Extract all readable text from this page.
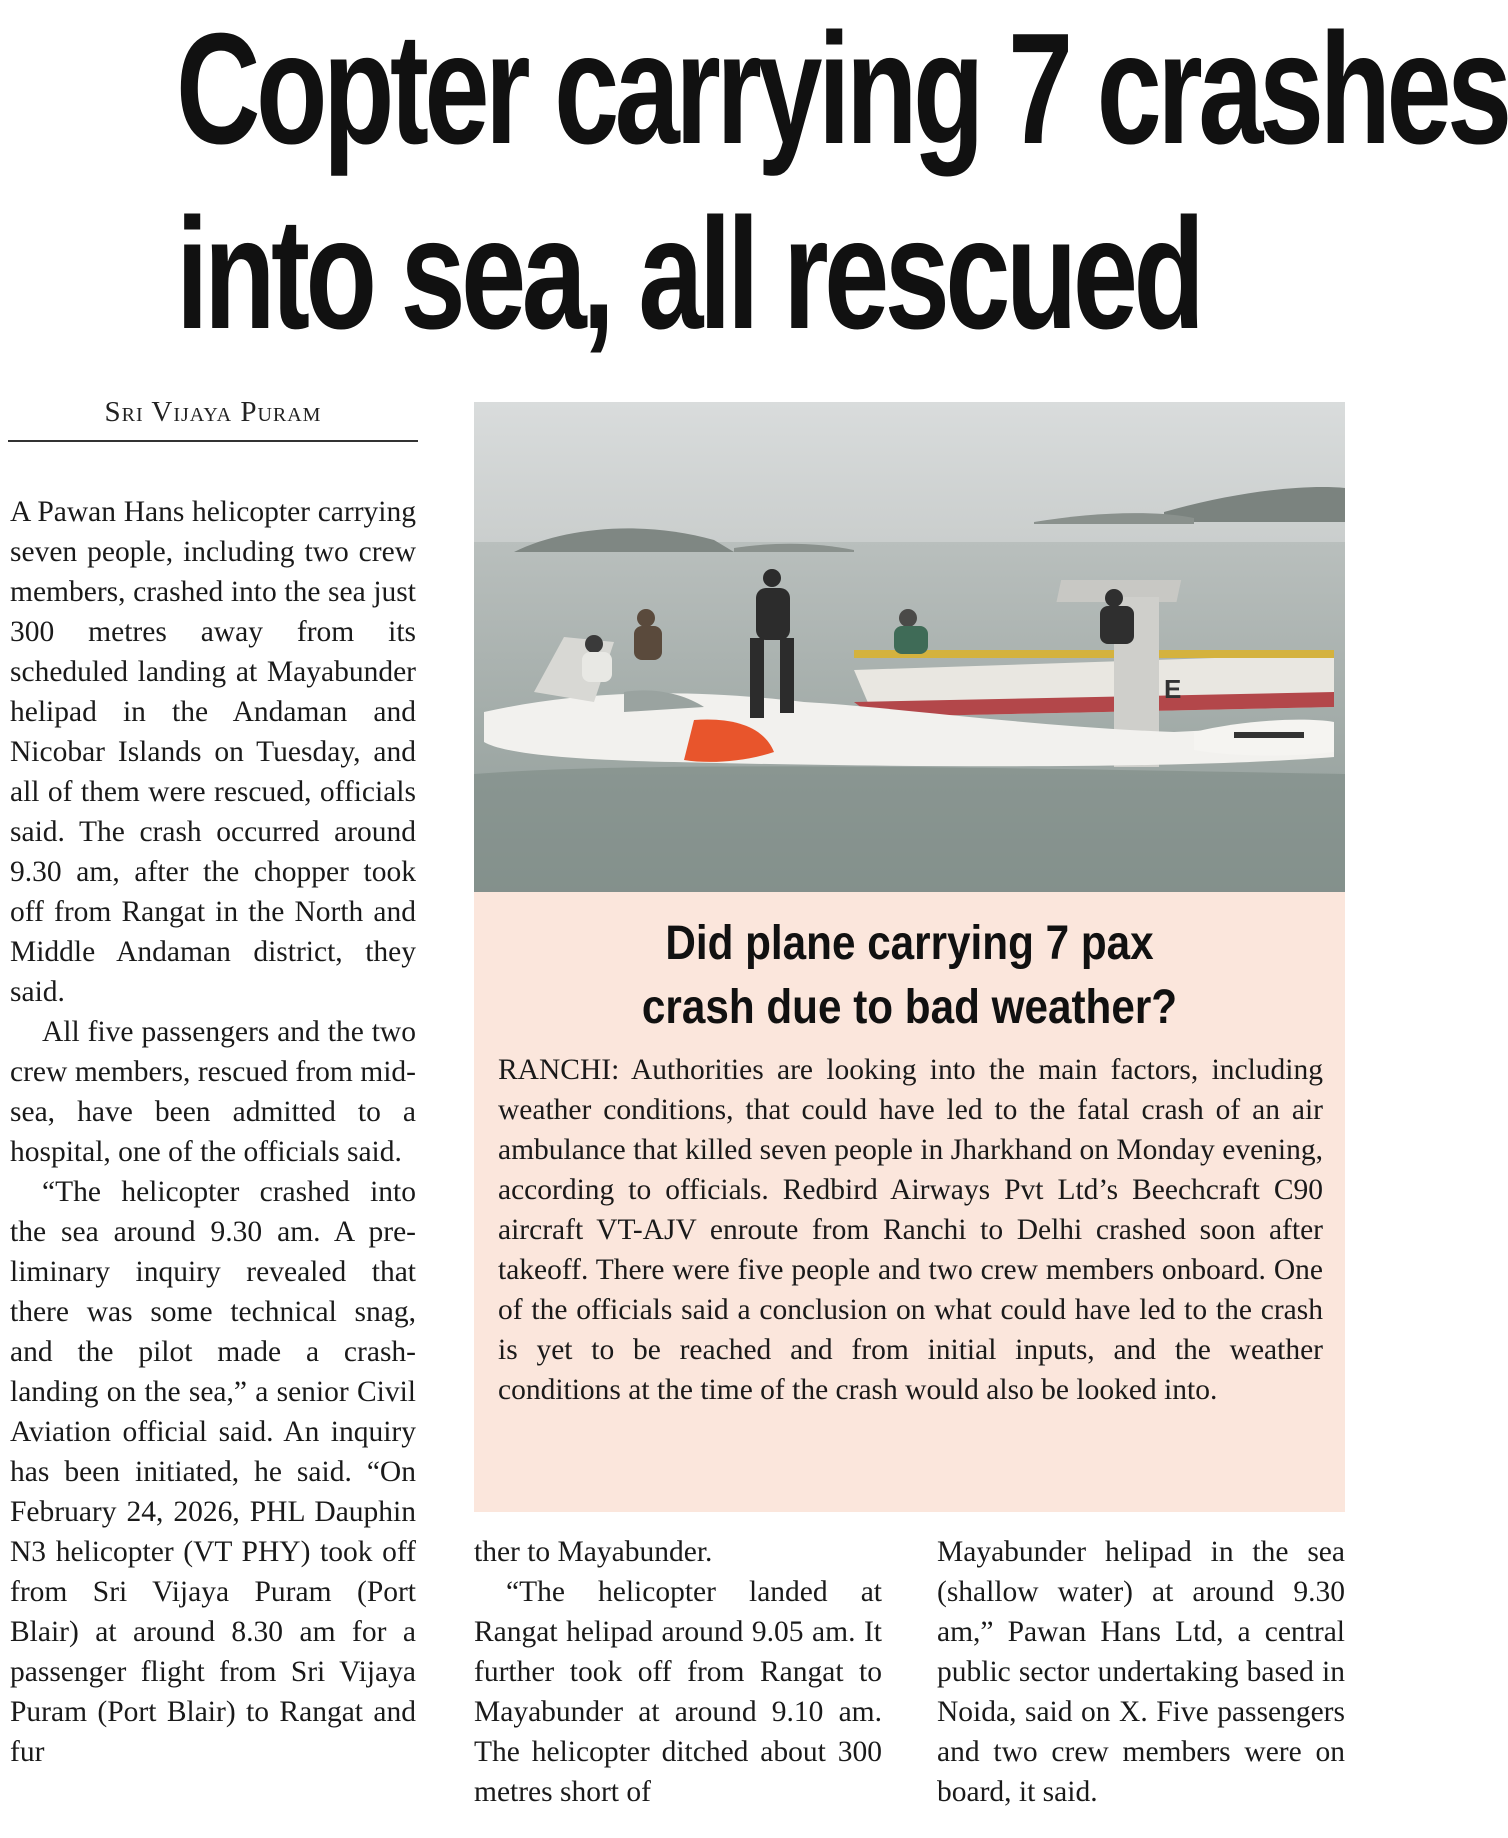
Copter carrying 7 crashes
into sea, all rescued
Sri Vijaya Puram

A Pawan Hans helicopter carrying seven people, including two crew members, crashed into the sea just 300 metres away from its scheduled landing at Mayabunder helipad in the Andaman and Nicobar Islands on Tuesday, and all of them were rescued, officials said. The crash occurred around 9.30 am, after the chopper took off from Rangat in the North and Middle Andaman district, they said.

All five passengers and the two crew members, rescued from mid-sea, have been admitted to a hospital, one of the officials said.

“The helicopter crashed into the sea around 9.30 am. A preliminary inquiry revealed that there was some technical snag, and the pilot made a crash-landing on the sea,” a senior Civil Aviation official said. An inquiry has been initiated, he said. “On February 24, 2026, PHL Dauphin N3 helicopter (VT PHY) took off from Sri Vijaya Puram (Port Blair) at around 8.30 am for a passenger flight from Sri Vijaya Puram (Port Blair) to Rangat and fur

E
Did plane carrying 7 pax
crash due to bad weather?
RANCHI: Authorities are looking into the main factors, including weather conditions, that could have led to the fatal crash of an air ambulance that killed seven people in Jharkhand on Monday evening, according to officials. Redbird Airways Pvt Ltd’s Beechcraft C90 aircraft VT-AJV enroute from Ranchi to Delhi crashed soon after takeoff. There were five people and two crew members onboard. One of the officials said a conclusion on what could have led to the crash is yet to be reached and from initial inputs, and the weather conditions at the time of the crash would also be looked into.

ther to Mayabunder.

“The helicopter landed at Rangat helipad around 9.05 am. It further took off from Rangat to Mayabunder at around 9.10 am. The helicopter ditched about 300 metres short of

Mayabunder helipad in the sea (shallow water) at around 9.30 am,” Pawan Hans Ltd, a central public sector undertaking based in Noida, said on X. Five passengers and two crew members were on board, it said.
